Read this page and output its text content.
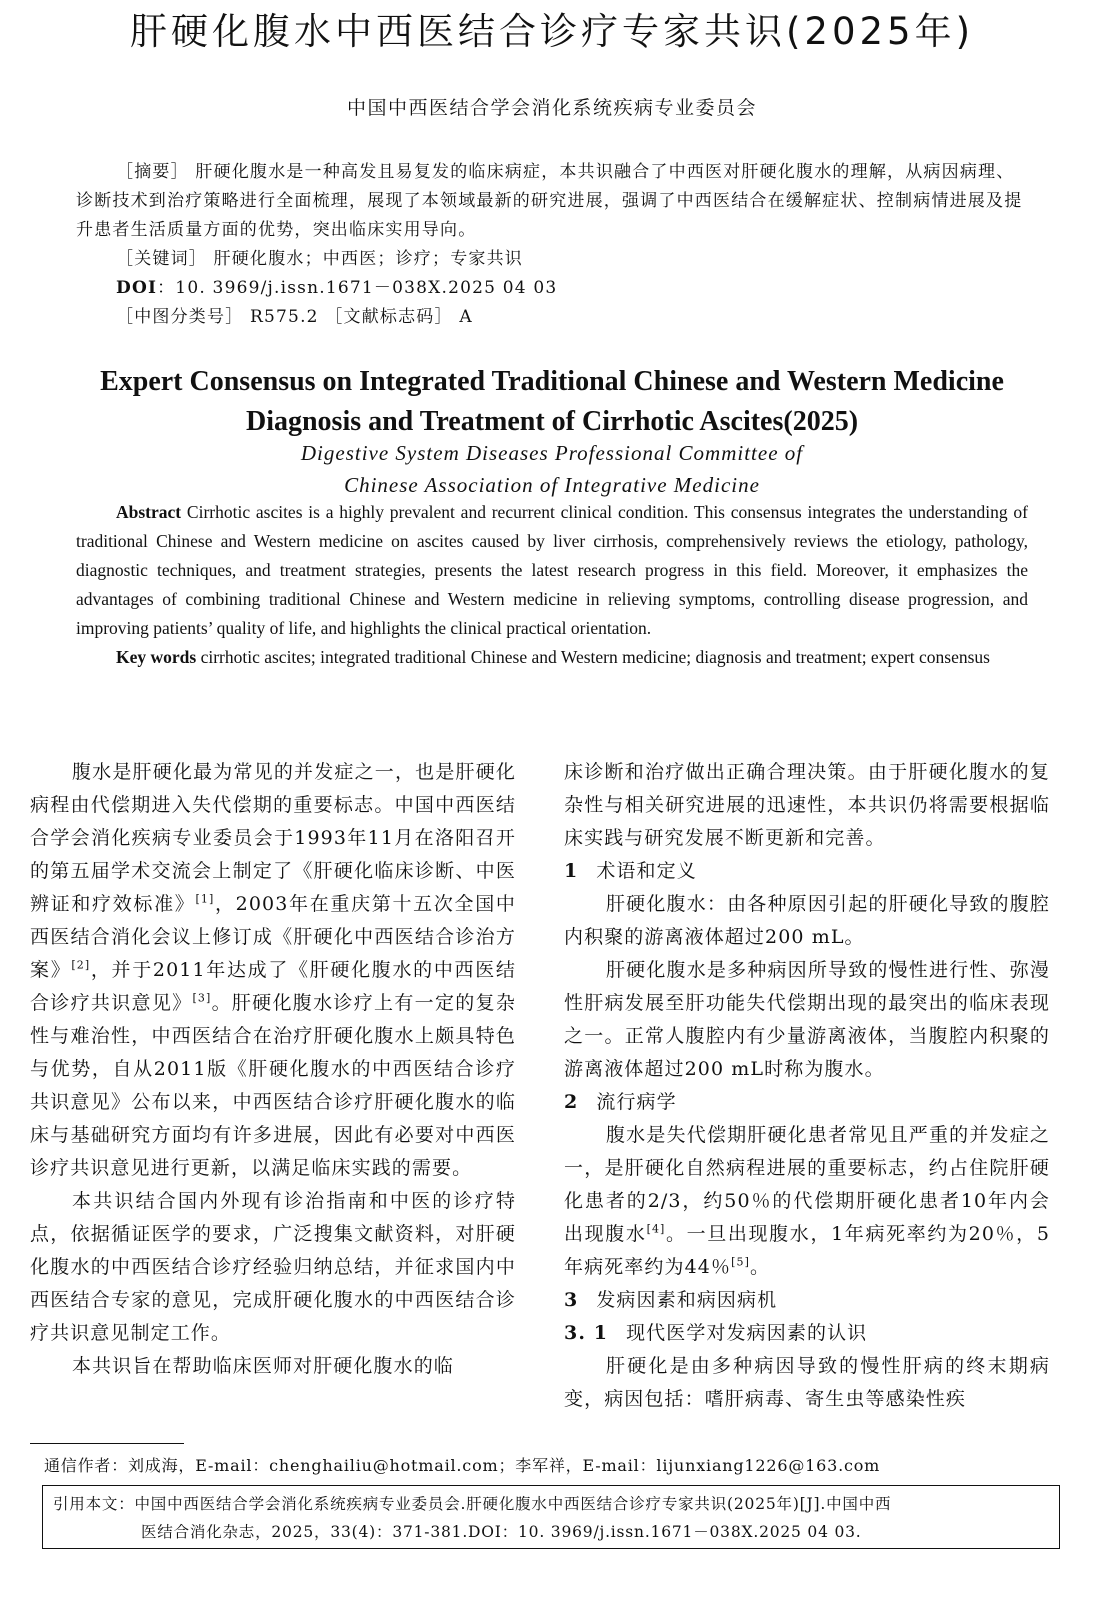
肝硬化腹水中西医结合诊疗专家共识(2025年)
中国中西医结合学会消化系统疾病专业委员会

［摘要］ 肝硬化腹水是一种高发且易复发的临床病症，本共识融合了中西医对肝硬化腹水的理解，从病因病理、诊断技术到治疗策略进行全面梳理，展现了本领域最新的研究进展，强调了中西医结合在缓解症状、控制病情进展及提升患者生活质量方面的优势，突出临床实用导向。

［关键词］ 肝硬化腹水；中西医；诊疗；专家共识

DOI：10. 3969/j.issn.1671－038X.2025 04 03

［中图分类号］ R575.2 ［文献标志码］ A

Expert Consensus on Integrated Traditional Chinese and Western Medicine
Diagnosis and Treatment of Cirrhotic Ascites(2025)
Digestive System Diseases Professional Committee of
Chinese Association of Integrative Medicine

Abstract Cirrhotic ascites is a highly prevalent and recurrent clinical condition. This consensus integrates the understanding of traditional Chinese and Western medicine on ascites caused by liver cirrhosis, comprehensively reviews the etiology, pathology, diagnostic techniques, and treatment strategies, presents the latest research progress in this field. Moreover, it emphasizes the advantages of combining traditional Chinese and Western medicine in relieving symptoms, controlling disease progression, and improving patients’ quality of life, and highlights the clinical practical orientation.

Key words cirrhotic ascites; integrated traditional Chinese and Western medicine; diagnosis and treatment; expert consensus

腹水是肝硬化最为常见的并发症之一，也是肝硬化病程由代偿期进入失代偿期的重要标志。中国中西医结合学会消化疾病专业委员会于1993年11月在洛阳召开的第五届学术交流会上制定了《肝硬化临床诊断、中医辨证和疗效标准》[1]，2003年在重庆第十五次全国中西医结合消化会议上修订成《肝硬化中西医结合诊治方案》[2]，并于2011年达成了《肝硬化腹水的中西医结合诊疗共识意见》[3]。肝硬化腹水诊疗上有一定的复杂性与难治性，中西医结合在治疗肝硬化腹水上颇具特色与优势，自从2011版《肝硬化腹水的中西医结合诊疗共识意见》公布以来，中西医结合诊疗肝硬化腹水的临床与基础研究方面均有许多进展，因此有必要对中西医诊疗共识意见进行更新，以满足临床实践的需要。

本共识结合国内外现有诊治指南和中医的诊疗特点，依据循证医学的要求，广泛搜集文献资料，对肝硬化腹水的中西医结合诊疗经验归纳总结，并征求国内中西医结合专家的意见，完成肝硬化腹水的中西医结合诊疗共识意见制定工作。

本共识旨在帮助临床医师对肝硬化腹水的临

床诊断和治疗做出正确合理决策。由于肝硬化腹水的复杂性与相关研究进展的迅速性，本共识仍将需要根据临床实践与研究发展不断更新和完善。

1 术语和定义

肝硬化腹水：由各种原因引起的肝硬化导致的腹腔内积聚的游离液体超过200 mL。

肝硬化腹水是多种病因所导致的慢性进行性、弥漫性肝病发展至肝功能失代偿期出现的最突出的临床表现之一。正常人腹腔内有少量游离液体，当腹腔内积聚的游离液体超过200 mL时称为腹水。

2 流行病学

腹水是失代偿期肝硬化患者常见且严重的并发症之一，是肝硬化自然病程进展的重要标志，约占住院肝硬化患者的2/3，约50％的代偿期肝硬化患者10年内会出现腹水[4]。一旦出现腹水，1年病死率约为20％，5年病死率约为44％[5]。

3 发病因素和病因病机
3. 1 现代医学对发病因素的认识

肝硬化是由多种病因导致的慢性肝病的终末期病变，病因包括：嗜肝病毒、寄生虫等感染性疾

通信作者：刘成海，E-mail：chenghailiu@hotmail.com；李军祥，E-mail：lijunxiang1226@163.com
引用本文：中国中西医结合学会消化系统疾病专业委员会.肝硬化腹水中西医结合诊疗专家共识(2025年)[J].中国中西
医结合消化杂志，2025，33(4)：371-381.DOI：10. 3969/j.issn.1671－038X.2025 04 03.
